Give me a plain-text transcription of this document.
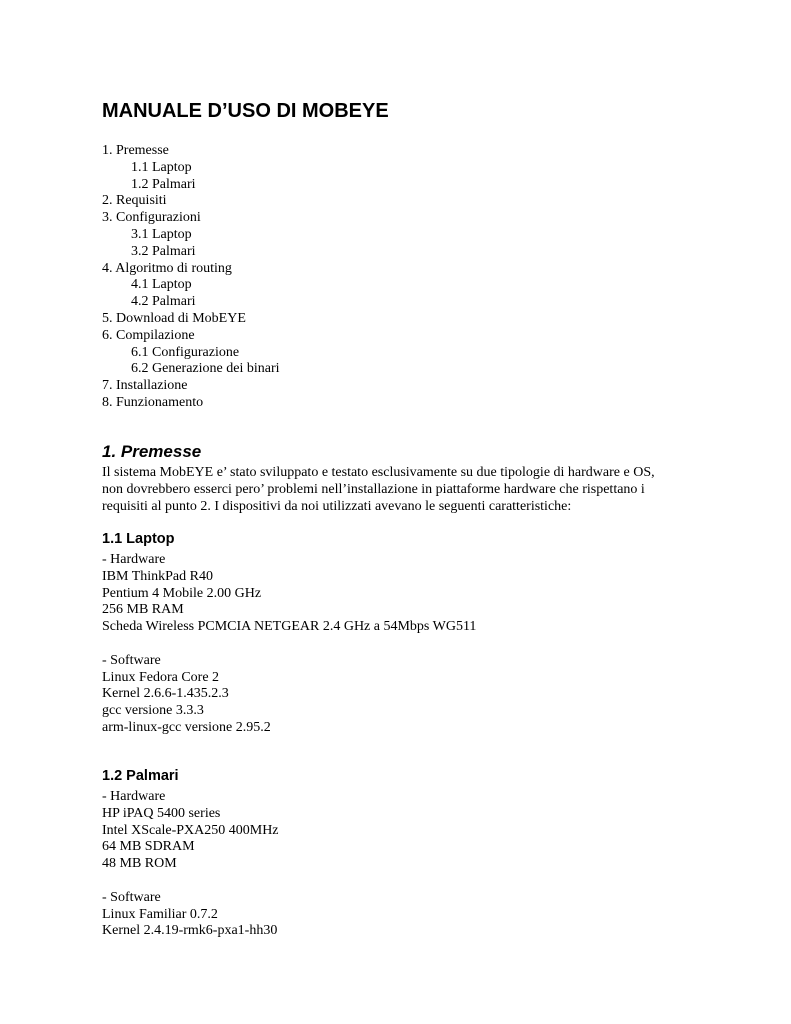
MANUALE D’USO DI MOBEYE
1. Premesse
1.1 Laptop
1.2 Palmari
2. Requisiti
3. Configurazioni
3.1 Laptop
3.2 Palmari
4. Algoritmo di routing
4.1 Laptop
4.2 Palmari
5. Download di MobEYE
6. Compilazione
6.1 Configurazione
6.2 Generazione dei binari
7. Installazione
8. Funzionamento
1. Premesse

Il sistema MobEYE e’ stato sviluppato e testato esclusivamente su due tipologie di hardware e OS,
non dovrebbero esserci pero’ problemi nell’installazione in piattaforme hardware che rispettano i
requisiti al punto 2. I dispositivi da noi utilizzati avevano le seguenti caratteristiche:

1.1 Laptop
- Hardware
IBM ThinkPad R40
Pentium 4 Mobile 2.00 GHz
256 MB RAM
Scheda Wireless PCMCIA NETGEAR 2.4 GHz a 54Mbps WG511
- Software
Linux Fedora Core 2
Kernel 2.6.6-1.435.2.3
gcc versione 3.3.3
arm-linux-gcc versione 2.95.2
1.2 Palmari
- Hardware
HP iPAQ 5400 series
Intel XScale-PXA250 400MHz
64 MB SDRAM
48 MB ROM
- Software
Linux Familiar 0.7.2
Kernel 2.4.19-rmk6-pxa1-hh30
